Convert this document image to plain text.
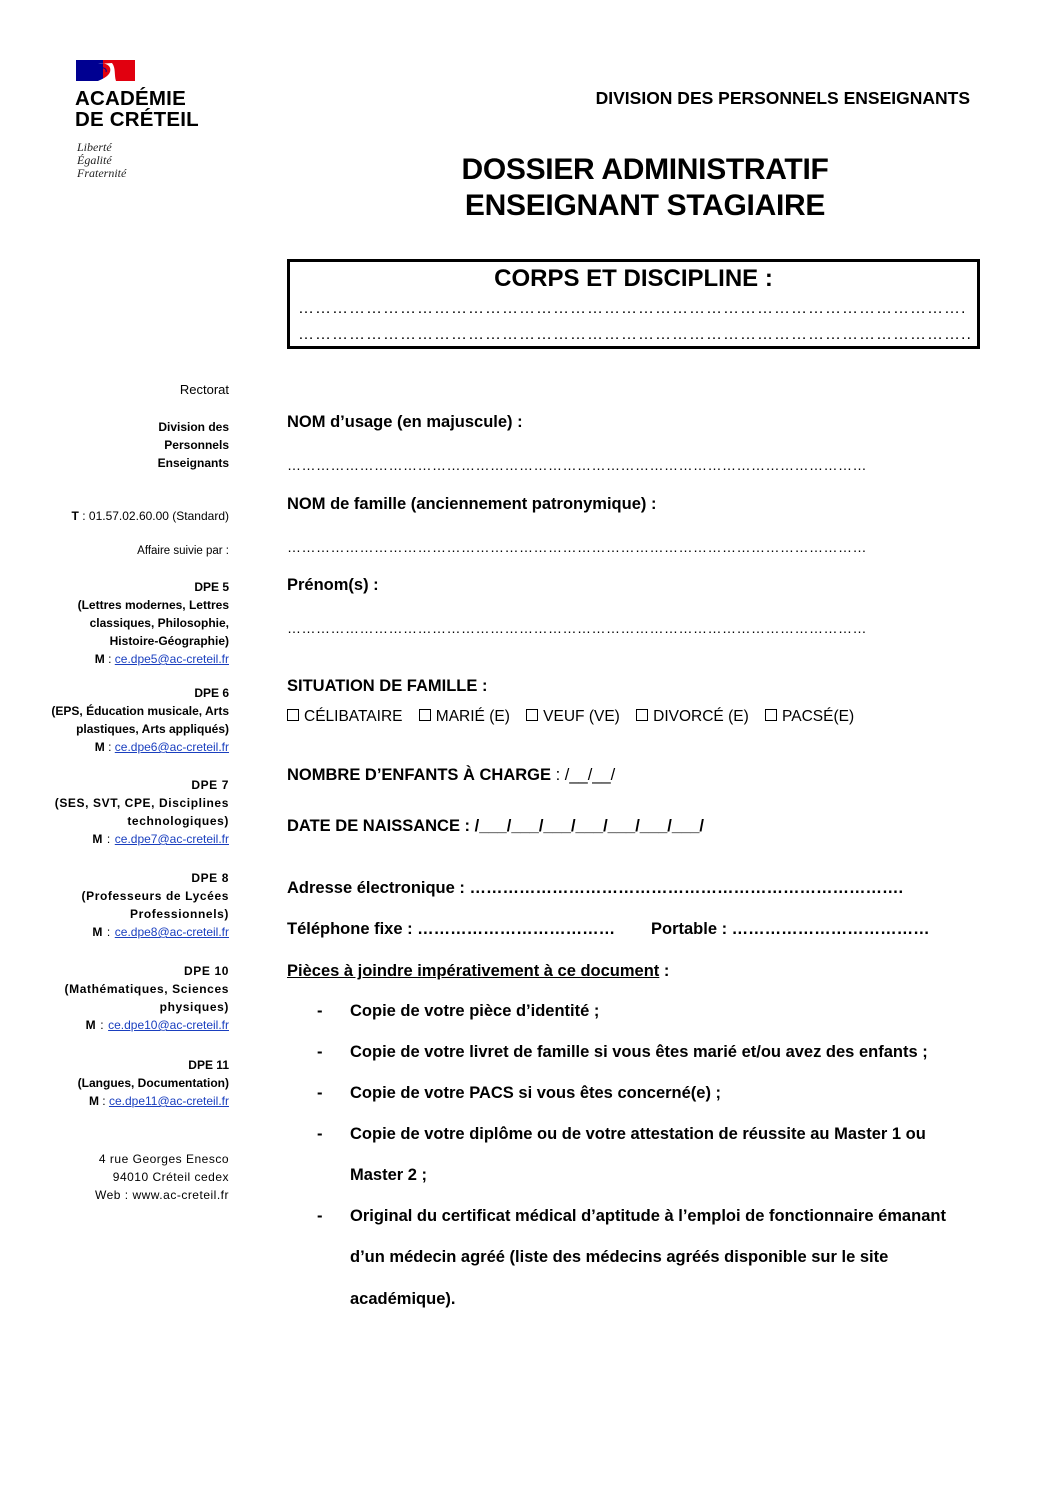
ACADÉMIE
DE CRÉTEIL
Liberté
Égalité
Fraternité
DIVISION DES PERSONNELS ENSEIGNANTS
DOSSIER ADMINISTRATIF
ENSEIGNANT STAGIAIRE
CORPS ET DISCIPLINE :
……………………………………………………………………………………………………….
………………………………………………………………………………………………………..
Rectorat
Division des
Personnels
Enseignants
T : 01.57.02.60.00 (Standard)
Affaire suivie par :
DPE 5
(Lettres modernes, Lettres
classiques, Philosophie,
Histoire-Géographie)
M : ce.dpe5@ac-creteil.fr
DPE 6
(EPS, Éducation musicale, Arts
plastiques, Arts appliqués)
M : ce.dpe6@ac-creteil.fr
DPE 7
(SES, SVT, CPE, Disciplines
technologiques)
M : ce.dpe7@ac-creteil.fr
DPE 8
(Professeurs de Lycées
Professionnels)
M : ce.dpe8@ac-creteil.fr
DPE 10
(Mathématiques, Sciences
physiques)
M : ce.dpe10@ac-creteil.fr
DPE 11
(Langues, Documentation)
M : ce.dpe11@ac-creteil.fr
4 rue Georges Enesco
94010 Créteil cedex
Web : www.ac-creteil.fr
NOM d’usage (en majuscule) :
…………………………………………………………………………………………………………
NOM de famille (anciennement patronymique) :
…………………………………………………………………………………………………………
Prénom(s) :
…………………………………………………………………………………………………………
SITUATION DE FAMILLE :
CÉLIBATAIRE MARIÉ (E) VEUF (VE) DIVORCÉ (E) PACSÉ(E)
NOMBRE D’ENFANTS À CHARGE : /__/__/
DATE DE NAISSANCE : /___/___/___/___/___/___/___/
Adresse électronique : …………………………………………………………………….
Téléphone fixe : ……………………………… Portable : ………………………………
Pièces à joindre impérativement à ce document :
- Copie de votre pièce d’identité ;
- Copie de votre livret de famille si vous êtes marié et/ou avez des enfants ;
- Copie de votre PACS si vous êtes concerné(e) ;
- Copie de votre diplôme ou de votre attestation de réussite au Master 1 ou
Master 2 ;
- Original du certificat médical d’aptitude à l’emploi de fonctionnaire émanant
d’un médecin agréé (liste des médecins agréés disponible sur le site
académique).
